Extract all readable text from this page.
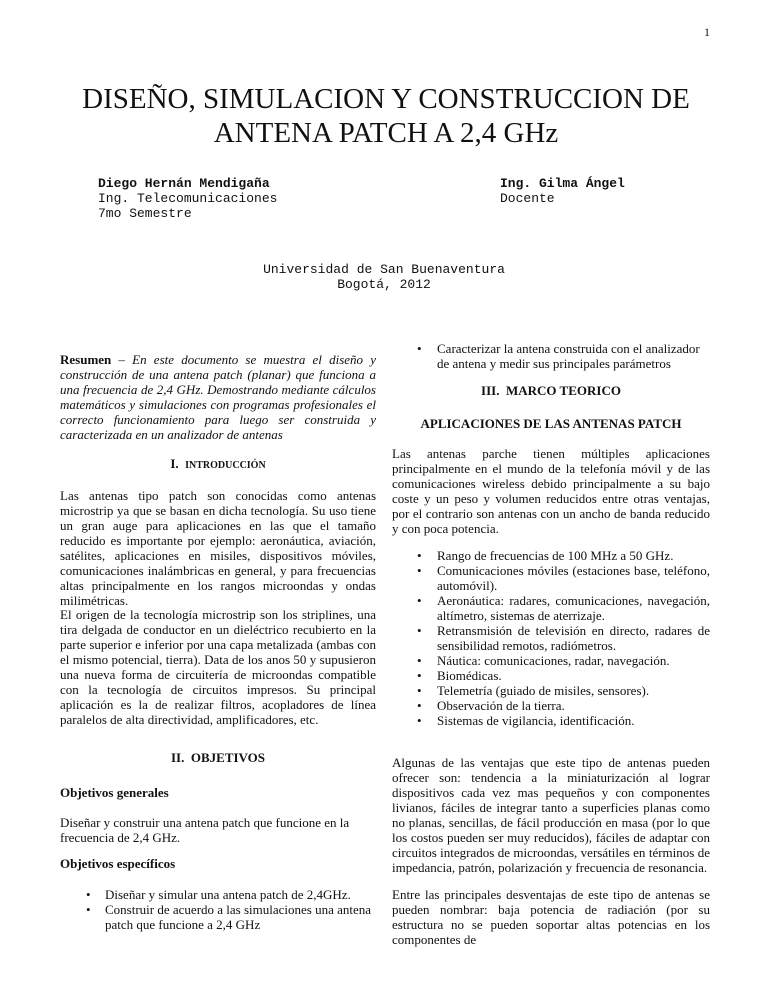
1
DISEÑO, SIMULACION Y CONSTRUCCION DE ANTENA PATCH A 2,4 GHz
Diego Hernán Mendigaña
Ing. Telecomunicaciones
7mo Semestre
Ing. Gilma Ángel
Docente
Universidad de San Buenaventura
Bogotá, 2012

Resumen – En este documento se muestra el diseño y construcción de una antena patch (planar) que funciona a una frecuencia de 2,4 GHz. Demostrando mediante cálculos matemáticos y simulaciones con programas profesionales el correcto funcionamiento para luego ser construida y caracterizada en un analizador de antenas

I. INTRODUCCIÓN

Las antenas tipo patch son conocidas como antenas microstrip ya que se basan en dicha tecnología. Su uso tiene un gran auge para aplicaciones en las que el tamaño reducido es importante por ejemplo: aeronáutica, aviación, satélites, aplicaciones en misiles, dispositivos móviles, comunicaciones inalámbricas en general, y para frecuencias altas principalmente en los rangos microondas y ondas milimétricas.

El origen de la tecnología microstrip son los striplines, una tira delgada de conductor en un dieléctrico recubierto en la parte superior e inferior por una capa metalizada (ambas con el mismo potencial, tierra). Data de los anos 50 y supusieron una nueva forma de circuitería de microondas compatible con la tecnología de circuitos impresos. Su principal aplicación es la de realizar filtros, acopladores de línea paralelos de alta directividad, amplificadores, etc.

II. OBJETIVOS
Objetivos generales

Diseñar y construir una antena patch que funcione en la frecuencia de 2,4 GHz.

Objetivos específicos
• Diseñar y simular una antena patch de 2,4GHz.
• Construir de acuerdo a las simulaciones una antena patch que funcione a 2,4 GHz
• Caracterizar la antena construida con el analizador de antena y medir sus principales parámetros
III. MARCO TEORICO
APLICACIONES DE LAS ANTENAS PATCH

Las antenas parche tienen múltiples aplicaciones principalmente en el mundo de la telefonía móvil y de las comunicaciones wireless debido principalmente a su bajo coste y un peso y volumen reducidos entre otras ventajas, por el contrario son antenas con un ancho de banda reducido y con poca potencia.

• Rango de frecuencias de 100 MHz a 50 GHz.
• Comunicaciones móviles (estaciones base, teléfono, automóvil).
• Aeronáutica: radares, comunicaciones, navegación, altímetro, sistemas de aterrizaje.
• Retransmisión de televisión en directo, radares de sensibilidad remotos, radiómetros.
• Náutica: comunicaciones, radar, navegación.
• Biomédicas.
• Telemetría (guiado de misiles, sensores).
• Observación de la tierra.
• Sistemas de vigilancia, identificación.

Algunas de las ventajas que este tipo de antenas pueden ofrecer son: tendencia a la miniaturización al lograr dispositivos cada vez mas pequeños y con componentes livianos, fáciles de integrar tanto a superficies planas como no planas, sencillas, de fácil producción en masa (por lo que los costos pueden ser muy reducidos), fáciles de adaptar con circuitos integrados de microondas, versátiles en términos de impedancia, patrón, polarización y frecuencia de resonancia.

Entre las principales desventajas de este tipo de antenas se pueden nombrar: baja potencia de radiación (por su estructura no se pueden soportar altas potencias en los componentes de
